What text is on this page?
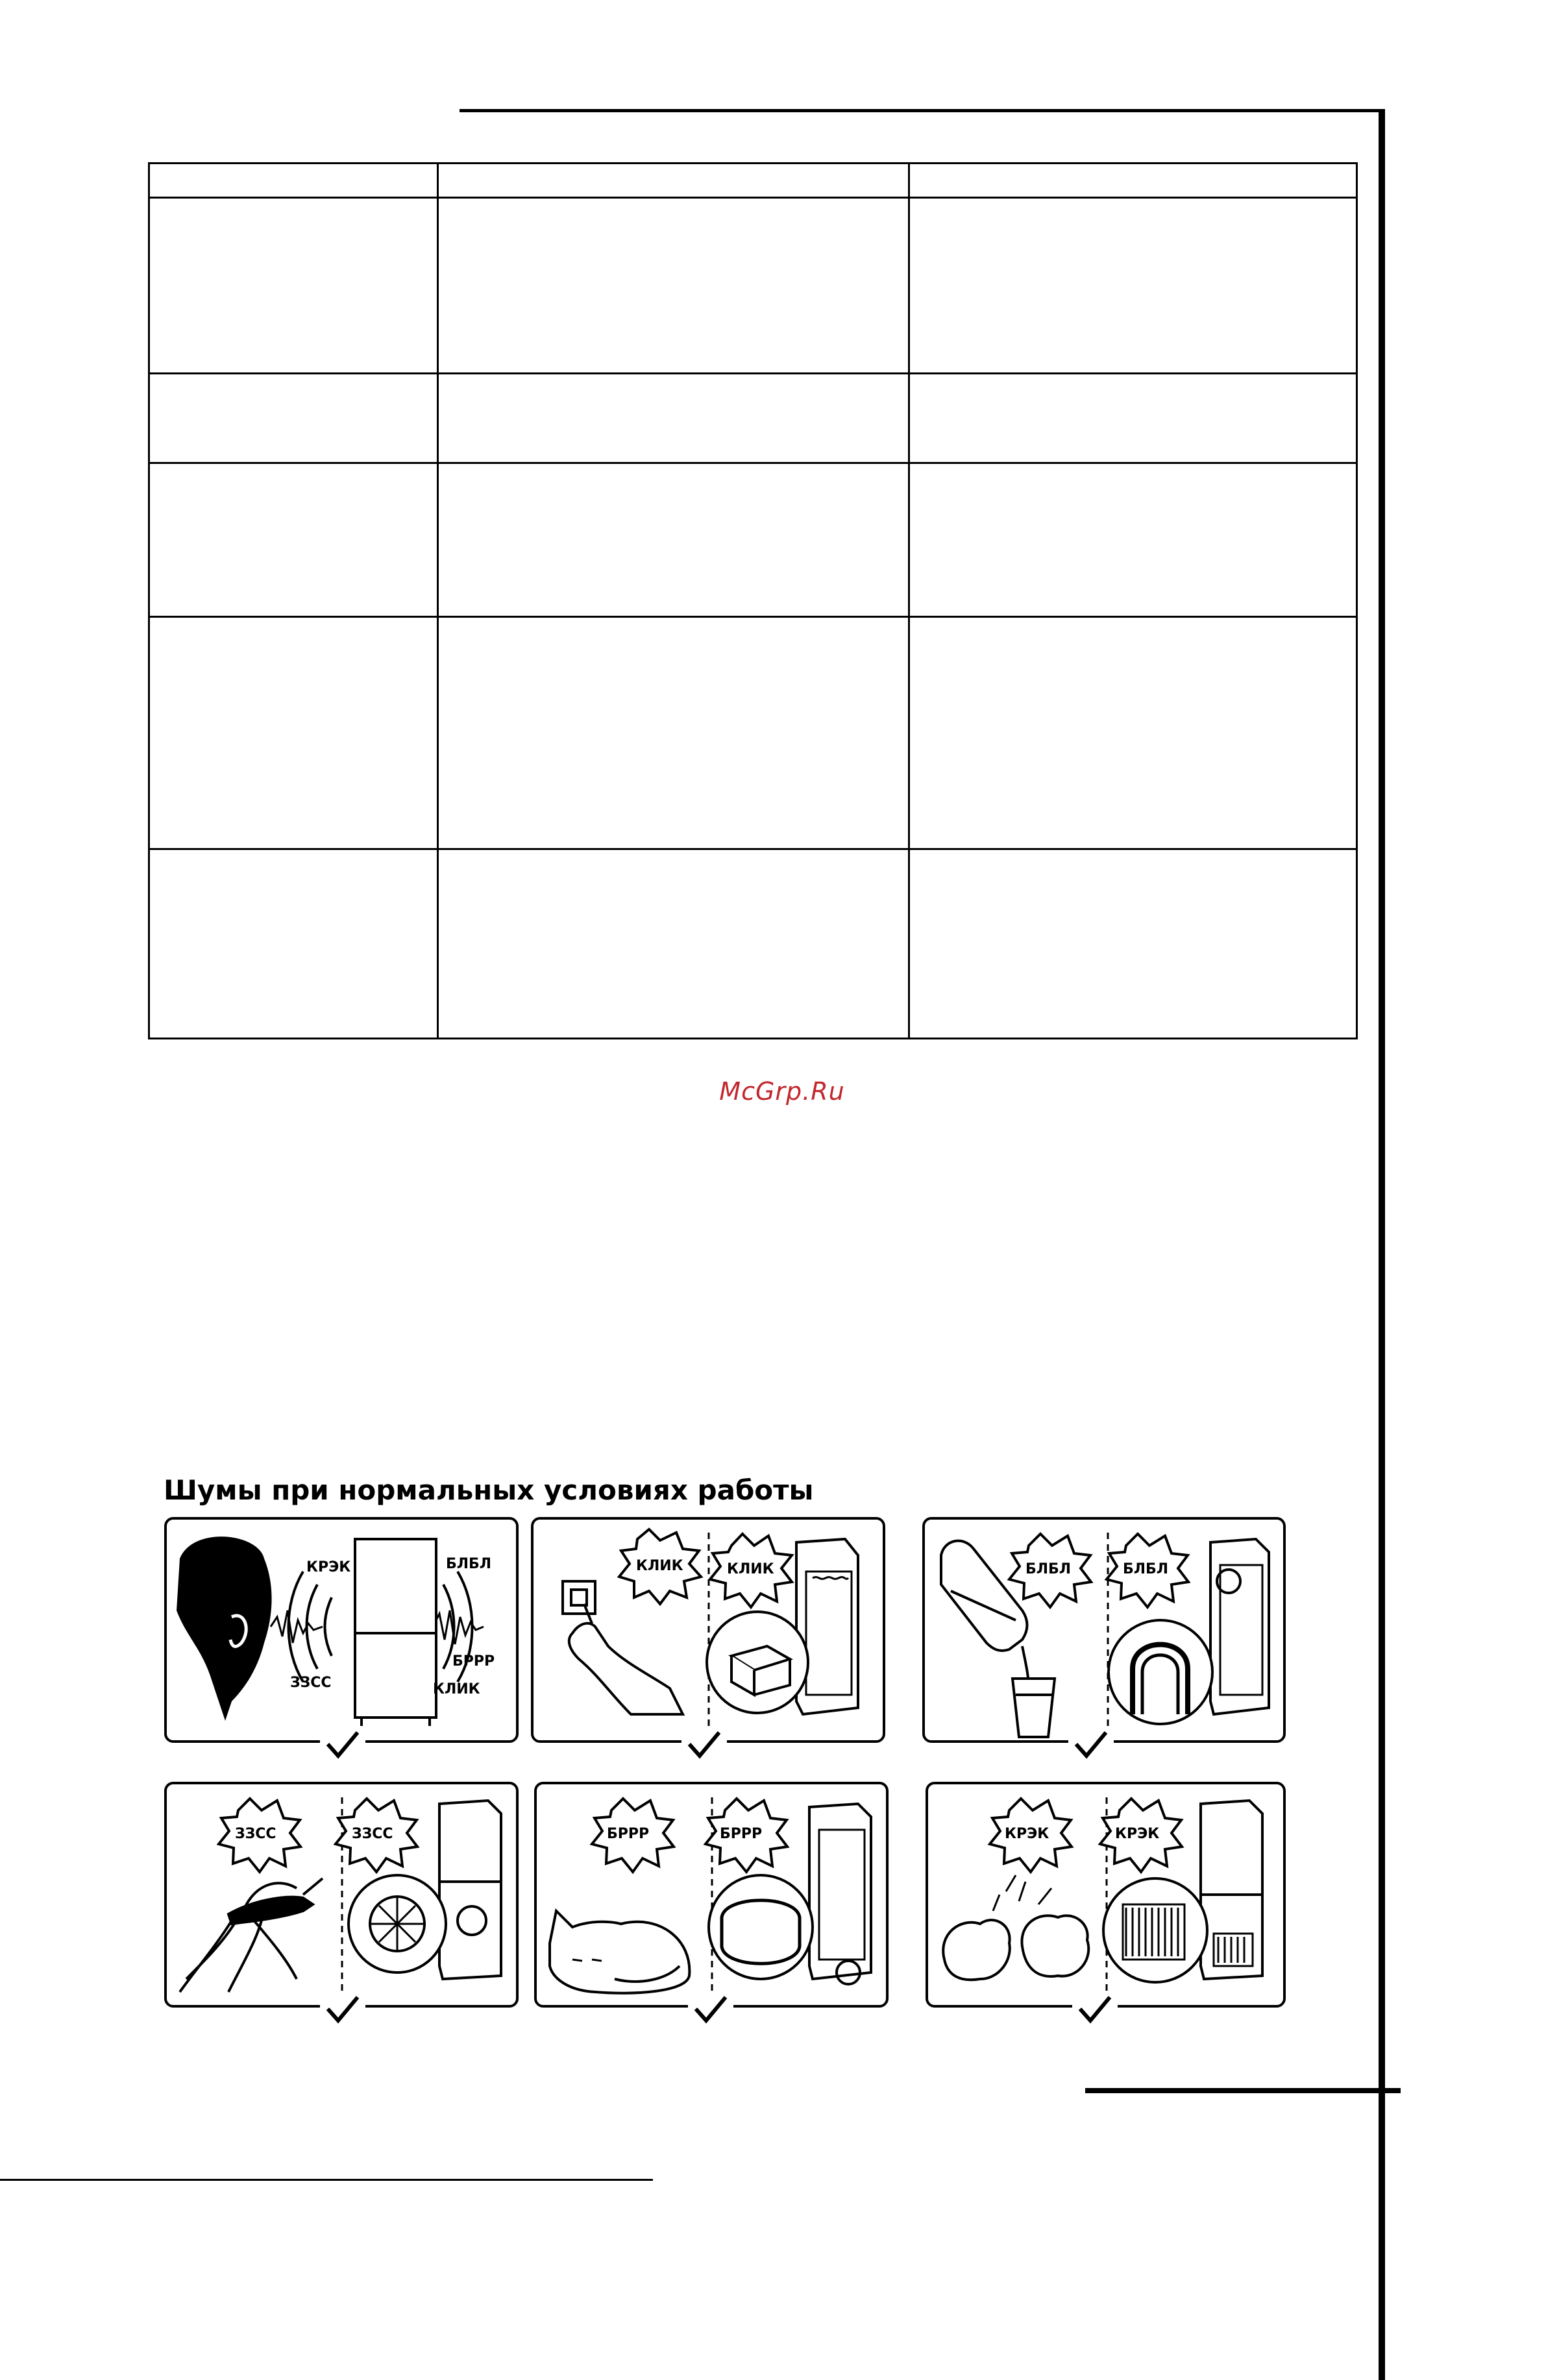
McGrp.Ru
Шумы при нормальных условиях работы
КРЭК
ЗЗСС
БЛБЛ
БРРР
КЛИК
КЛИК	КЛИК	БЛБЛ	БЛБЛ
ЗЗСС	ЗЗСС	БРРР	БРРР	КРЭК	КРЭК
